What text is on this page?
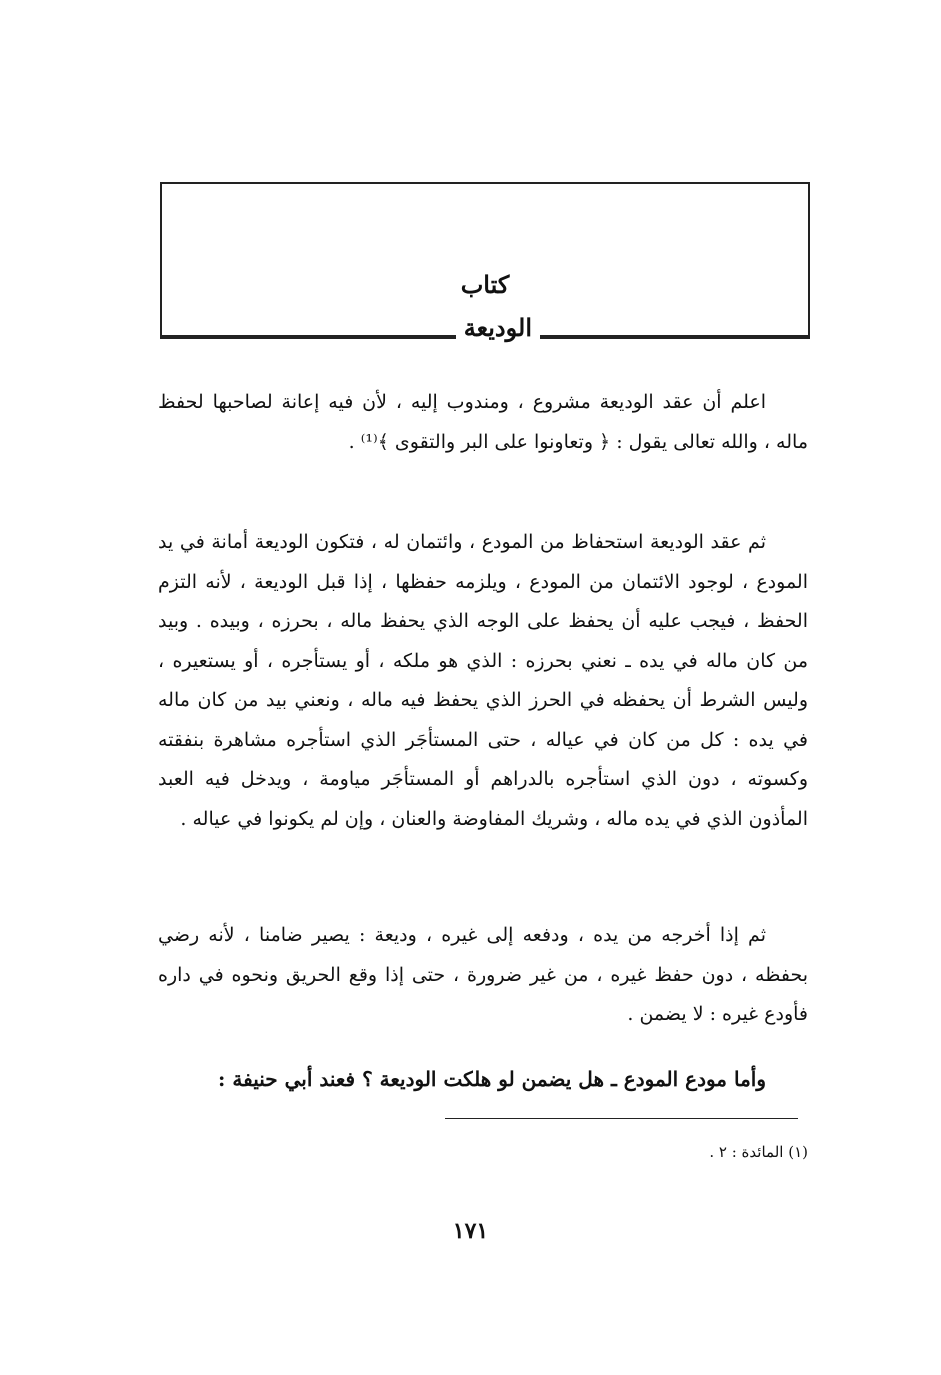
كتاب
الوديعة

اعلم أن عقد الوديعة مشروع ، ومندوب إليه ، لأن فيه إعانة لصاحبها لحفظ ماله ، والله تعالى يقول : ﴿ وتعاونوا على البر والتقوى ﴾⁽¹⁾ .

ثم عقد الوديعة استحفاظ من المودع ، وائتمان له ، فتكون الوديعة أمانة في يد المودع ، لوجود الائتمان من المودع ، ويلزمه حفظها ، إذا قبل الوديعة ، لأنه التزم الحفظ ، فيجب عليه أن يحفظ على الوجه الذي يحفظ ماله ، بحرزه ، وبيده . وبيد من كان ماله في يده ـ نعني بحرزه : الذي هو ملكه ، أو يستأجره ، أو يستعيره ، وليس الشرط أن يحفظه في الحرز الذي يحفظ فيه ماله ، ونعني بيد من كان ماله في يده : كل من كان في عياله ، حتى المستأجَر الذي استأجره مشاهرة بنفقته وكسوته ، دون الذي استأجره بالدراهم أو المستأجَر مياومة ، ويدخل فيه العبد المأذون الذي في يده ماله ، وشريك المفاوضة والعنان ، وإن لم يكونوا في عياله .

ثم إذا أخرجه من يده ، ودفعه إلى غيره ، وديعة : يصير ضامنا ، لأنه رضي بحفظه ، دون حفظ غيره ، من غير ضرورة ، حتى إذا وقع الحريق ونحوه في داره فأودع غيره : لا يضمن .

وأما مودع المودع ـ هل يضمن لو هلكت الوديعة ؟ فعند أبي حنيفة :

(١) المائدة : ٢ .
١٧١
